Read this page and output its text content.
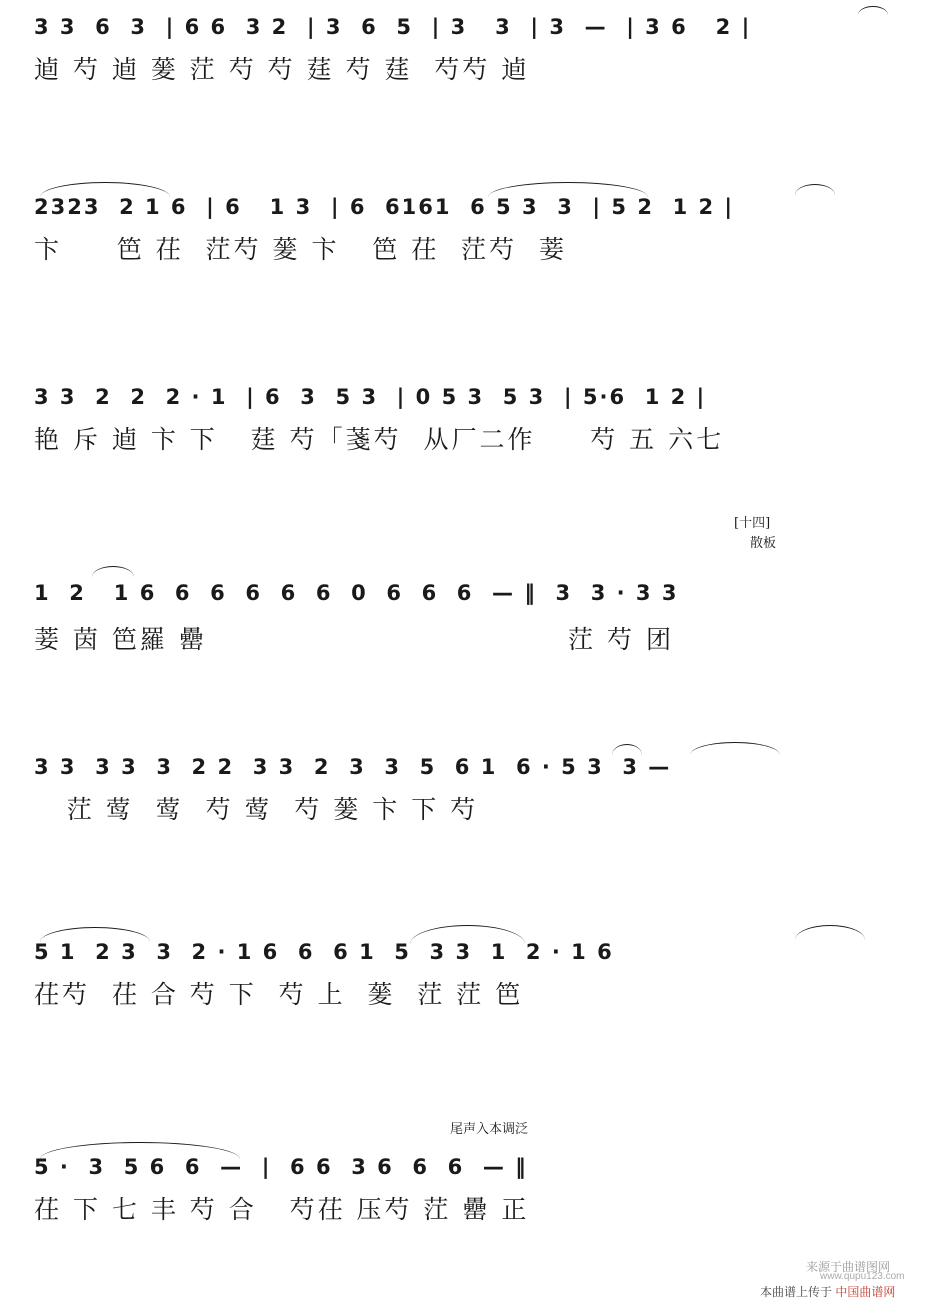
3 3  6  3  | 6 6  3 2  | 3  6  5  | 3   3  | 3  —  | 3 6   2 |
逌 芍 逌 蓌 茳 芍 芍 莛 芍 莛  芍芍 逌
2323  2 1 6  | 6   1 3  | 6  6161  6 5 3  3  | 5 2  1 2 |
卞     笆 茌  茳芍 蓌 卞   笆 茌  茳芍  菨
3 3  2  2  2 · 1  | 6  3  5 3  | 0 5 3  5 3  | 5·6  1 2 |
艳 斥 逌 卞 下   莛 芍「菚芍  从厂二作     芍 五 六七
[十四]
散板
1  2   1 6  6  6  6  6  6  0  6  6  6  — ‖  3  3 · 3 3
菨 茵 笆羅 罍                                 茳 芍 团
3 3  3 3  3  2 2  3 3  2  3  3  5  6 1  6 · 5 3  3 —
茳 莺  莺  芍 莺  芍 蓌 卞 下 芍
5 1  2 3  3  2 · 1 6  6  6 1  5  3 3  1  2 · 1 6
茌芍  茌 合 芍 下  芍 上  蓌  茳 茳 笆
尾声入本调泛
5 ·  3  5 6  6  —  |  6 6  3 6  6  6  — ‖
茌 下 七 丰 芍 合   芍茌 压芍 茳 罍 正
本曲谱上传于 中国曲谱网
来源于曲谱图网
www.qupu123.com
